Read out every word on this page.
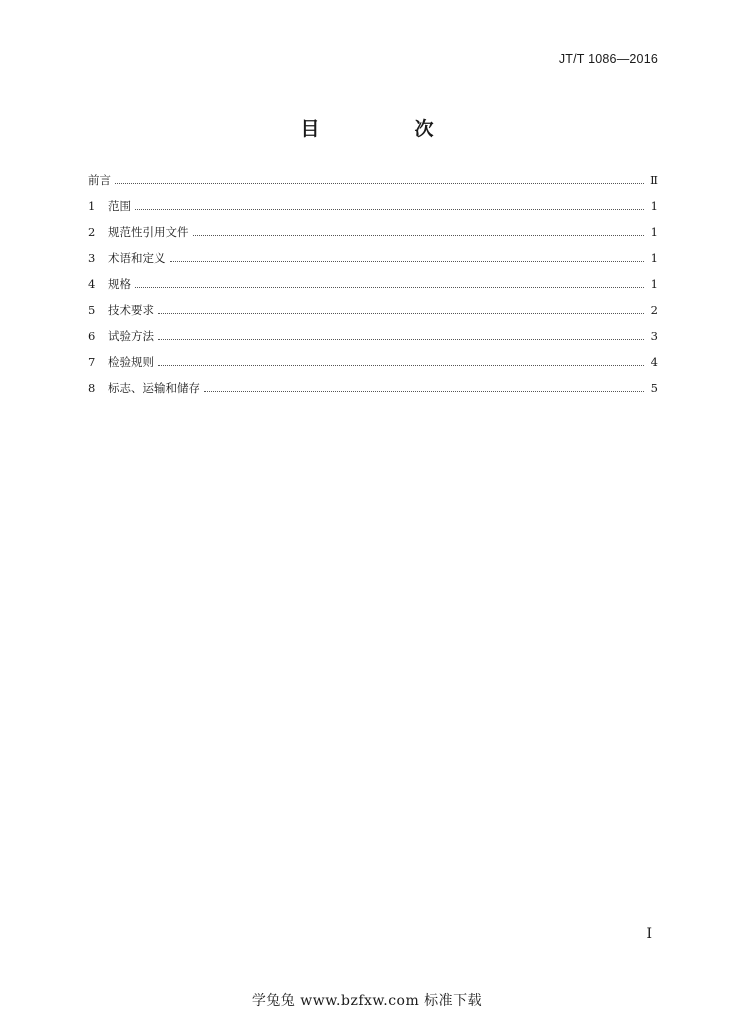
JT/T 1086—2016
目　次
前言	Ⅱ
1	范围	1
2	规范性引用文件	1
3	术语和定义	1
4	规格	1
5	技术要求	2
6	试验方法	3
7	检验规则	4
8	标志、运输和储存	5
I
学兔兔 www.bzfxw.com 标准下载
